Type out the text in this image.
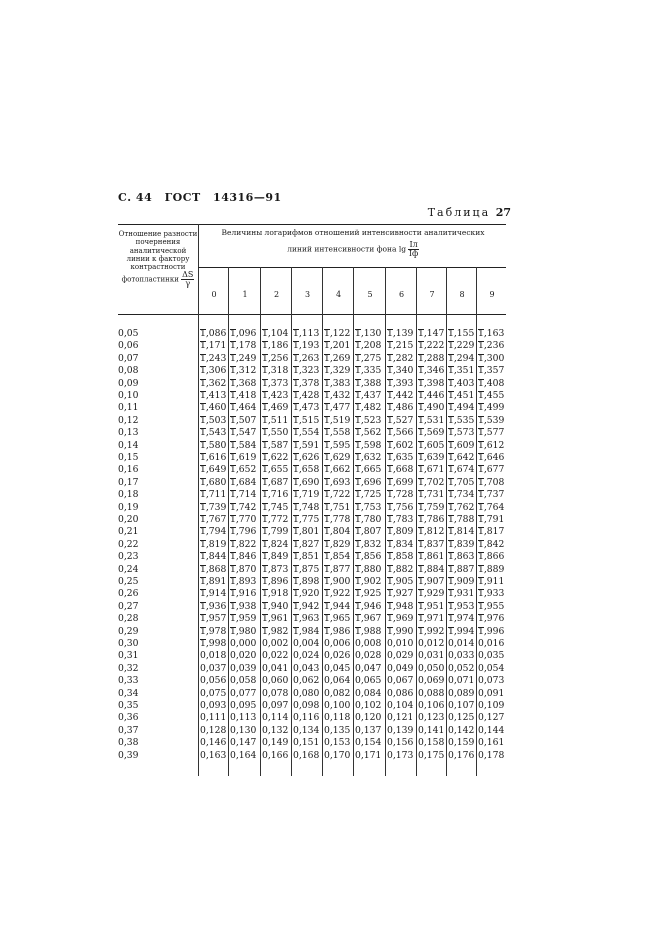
С. 44 ГОСТ 14316—91
Таблица 27
Отношение разности почернения аналитической линии к фактору контрастности фотопластинки $\frac{\Delta S}{\gamma}$
Величины логарифмов отношений интенсивности аналитических
линий интенсивности фона $\lg \frac{Iл}{Iф}$
0	1	2	3	4	5	6	7	8	9
0,05	1,086 1,096 1,104 1,113 1,122 1,130 1,139 1,147 1,155 1,163
0,06	1,171 1,178 1,186 1,193 1,201 1,208 1,215 1,222 1,229 1,236
0,07	1,243 1,249 1,256 1,263 1,269 1,275 1,282 1,288 1,294 1,300
0,08	1,306 1,312 1,318 1,323 1,329 1,335 1,340 1,346 1,351 1,357
0,09	1,362 1,368 1,373 1,378 1,383 1,388 1,393 1,398 1,403 1,408
0,10	1,413 1,418 1,423 1,428 1,432 1,437 1,442 1,446 1,451 1,455
0,11	1,460 1,464 1,469 1,473 1,477 1,482 1,486 1,490 1,494 1,499
0,12	1,503 1,507 1,511 1,515 1,519 1,523 1,527 1,531 1,535 1,539
0,13	1,543 1,547 1,550 1,554 1,558 1,562 1,566 1,569 1,573 1,577
0,14	1,580 1,584 1,587 1,591 1,595 1,598 1,602 1,605 1,609 1,612
0,15	1,616 1,619 1,622 1,626 1,629 1,632 1,635 1,639 1,642 1,646
0,16	1,649 1,652 1,655 1,658 1,662 1,665 1,668 1,671 1,674 1,677
0,17	1,680 1,684 1,687 1,690 1,693 1,696 1,699 1,702 1,705 1,708
0,18	1,711 1,714 1,716 1,719 1,722 1,725 1,728 1,731 1,734 1,737
0,19	1,739 1,742 1,745 1,748 1,751 1,753 1,756 1,759 1,762 1,764
0,20	1,767 1,770 1,772 1,775 1,778 1,780 1,783 1,786 1,788 1,791
0,21	1,794 1,796 1,799 1,801 1,804 1,807 1,809 1,812 1,814 1,817
0,22	1,819 1,822 1,824 1,827 1,829 1,832 1,834 1,837 1,839 1,842
0,23	1,844 1,846 1,849 1,851 1,854 1,856 1,858 1,861 1,863 1,866
0,24	1,868 1,870 1,873 1,875 1,877 1,880 1,882 1,884 1,887 1,889
0,25	1,891 1,893 1,896 1,898 1,900 1,902 1,905 1,907 1,909 1,911
0,26	1,914 1,916 1,918 1,920 1,922 1,925 1,927 1,929 1,931 1,933
0,27	1,936 1,938 1,940 1,942 1,944 1,946 1,948 1,951 1,953 1,955
0,28	1,957 1,959 1,961 1,963 1,965 1,967 1,969 1,971 1,974 1,976
0,29	1,978 1,980 1,982 1,984 1,986 1,988 1,990 1,992 1,994 1,996
0,30	1,998 0,000 0,002 0,004 0,006 0,008 0,010 0,012 0,014 0,016
0,31	0,018 0,020 0,022 0,024 0,026 0,028 0,029 0,031 0,033 0,035
0,32	0,037 0,039 0,041 0,043 0,045 0,047 0,049 0,050 0,052 0,054
0,33	0,056 0,058 0,060 0,062 0,064 0,065 0,067 0,069 0,071 0,073
0,34	0,075 0,077 0,078 0,080 0,082 0,084 0,086 0,088 0,089 0,091
0,35	0,093 0,095 0,097 0,098 0,100 0,102 0,104 0,106 0,107 0,109
0,36	0,111 0,113 0,114 0,116 0,118 0,120 0,121 0,123 0,125 0,127
0,37	0,128 0,130 0,132 0,134 0,135 0,137 0,139 0,141 0,142 0,144
0,38	0,146 0,147 0,149 0,151 0,153 0,154 0,156 0,158 0,159 0,161
0,39	0,163 0,164 0,166 0,168 0,170 0,171 0,173 0,175 0,176 0,178
